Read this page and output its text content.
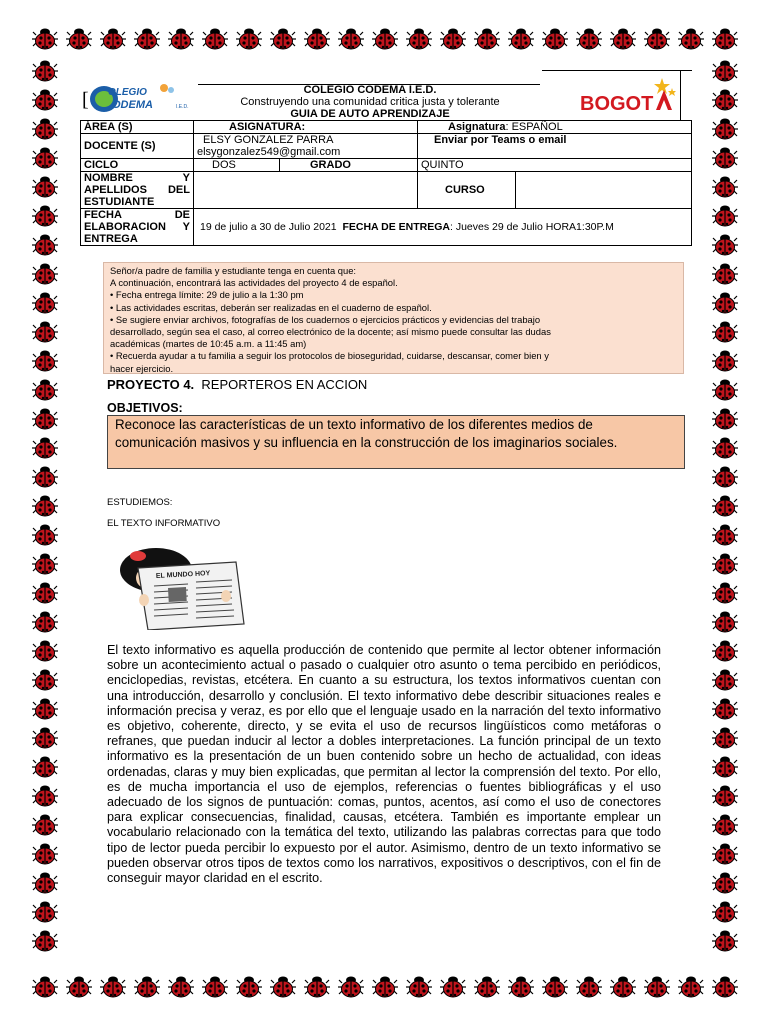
[ OLEGIO
ODEMA	I.E.D.
COLEGIO CODEMA I.E.D.
Construyendo una comunidad critica justa y tolerante
GUIA DE AUTO APRENDIZAJE	BOGOT
ÁREA (S)	ASIGNATURA:		Asignatura: ESPAÑOL
DOCENTE (S)	ELSY GONZALEZ PARRA
elsygonzalez549@gmail.com		Enviar por Teams o email
CICLO	DOS	GRADO	QUINTO
NOMBRE Y APELLIDOS DEL ESTUDIANTE			CURSO

FECHA DE ELABORACION Y ENTREGA	19 de julio a 30 de Julio 2021 FECHA DE ENTREGA: Jueves 29 de Julio HORA1:30P.M		
Señor/a padre de familia y estudiante tenga en cuenta que:
A continuación, encontrará las actividades del proyecto 4 de español.
• Fecha entrega límite: 29 de julio a la 1:30 pm
• Las actividades escritas, deberán ser realizadas en el cuaderno de español.
• Se sugiere enviar archivos, fotografías de los cuadernos o ejercicios prácticos y evidencias del trabajo
desarrollado, según sea el caso, al correo electrónico de la docente; así mismo puede consultar las dudas
académicas (martes de 10:45 a.m. a 11:45 am)
• Recuerda ayudar a tu familia a seguir los protocolos de bioseguridad, cuidarse, descansar, comer bien y
hacer ejercicio.
PROYECTO 4. REPORTEROS EN ACCION
OBJETIVOS:
Reconoce las características de un texto informativo de los diferentes medios de comunicación masivos y su influencia en la construcción de los imaginarios sociales.
ESTUDIEMOS:
EL TEXTO INFORMATIVO
EL MUNDO HOY
El texto informativo es aquella producción de contenido que permite al lector obtener información sobre un acontecimiento actual o pasado o cualquier otro asunto o tema percibido en periódicos, enciclopedias, revistas, etcétera. En cuanto a su estructura, los textos informativos cuentan con una introducción, desarrollo y conclusión. El texto informativo debe describir situaciones reales e información precisa y veraz, es por ello que el lenguaje usado en la narración del texto informativo es objetivo, coherente, directo, y se evita el uso de recursos lingüísticos como metáforas o refranes, que puedan inducir al lector a dobles interpretaciones. La función principal de un texto informativo es la presentación de un buen contenido sobre un hecho de actualidad, con ideas ordenadas, claras y muy bien explicadas, que permitan al lector la comprensión del texto. Por ello, es de mucha importancia el uso de ejemplos, referencias o fuentes bibliográficas y el uso adecuado de los signos de puntuación: comas, puntos, acentos, así como el uso de conectores para explicar consecuencias, finalidad, causas, etcétera. También es importante emplear un vocabulario relacionado con la temática del texto, utilizando las palabras correctas para que todo tipo de lector pueda percibir lo expuesto por el autor. Asimismo, dentro de un texto informativo se pueden observar otros tipos de textos como los narrativos, expositivos o descriptivos, con el fin de conseguir mayor claridad en el escrito.
